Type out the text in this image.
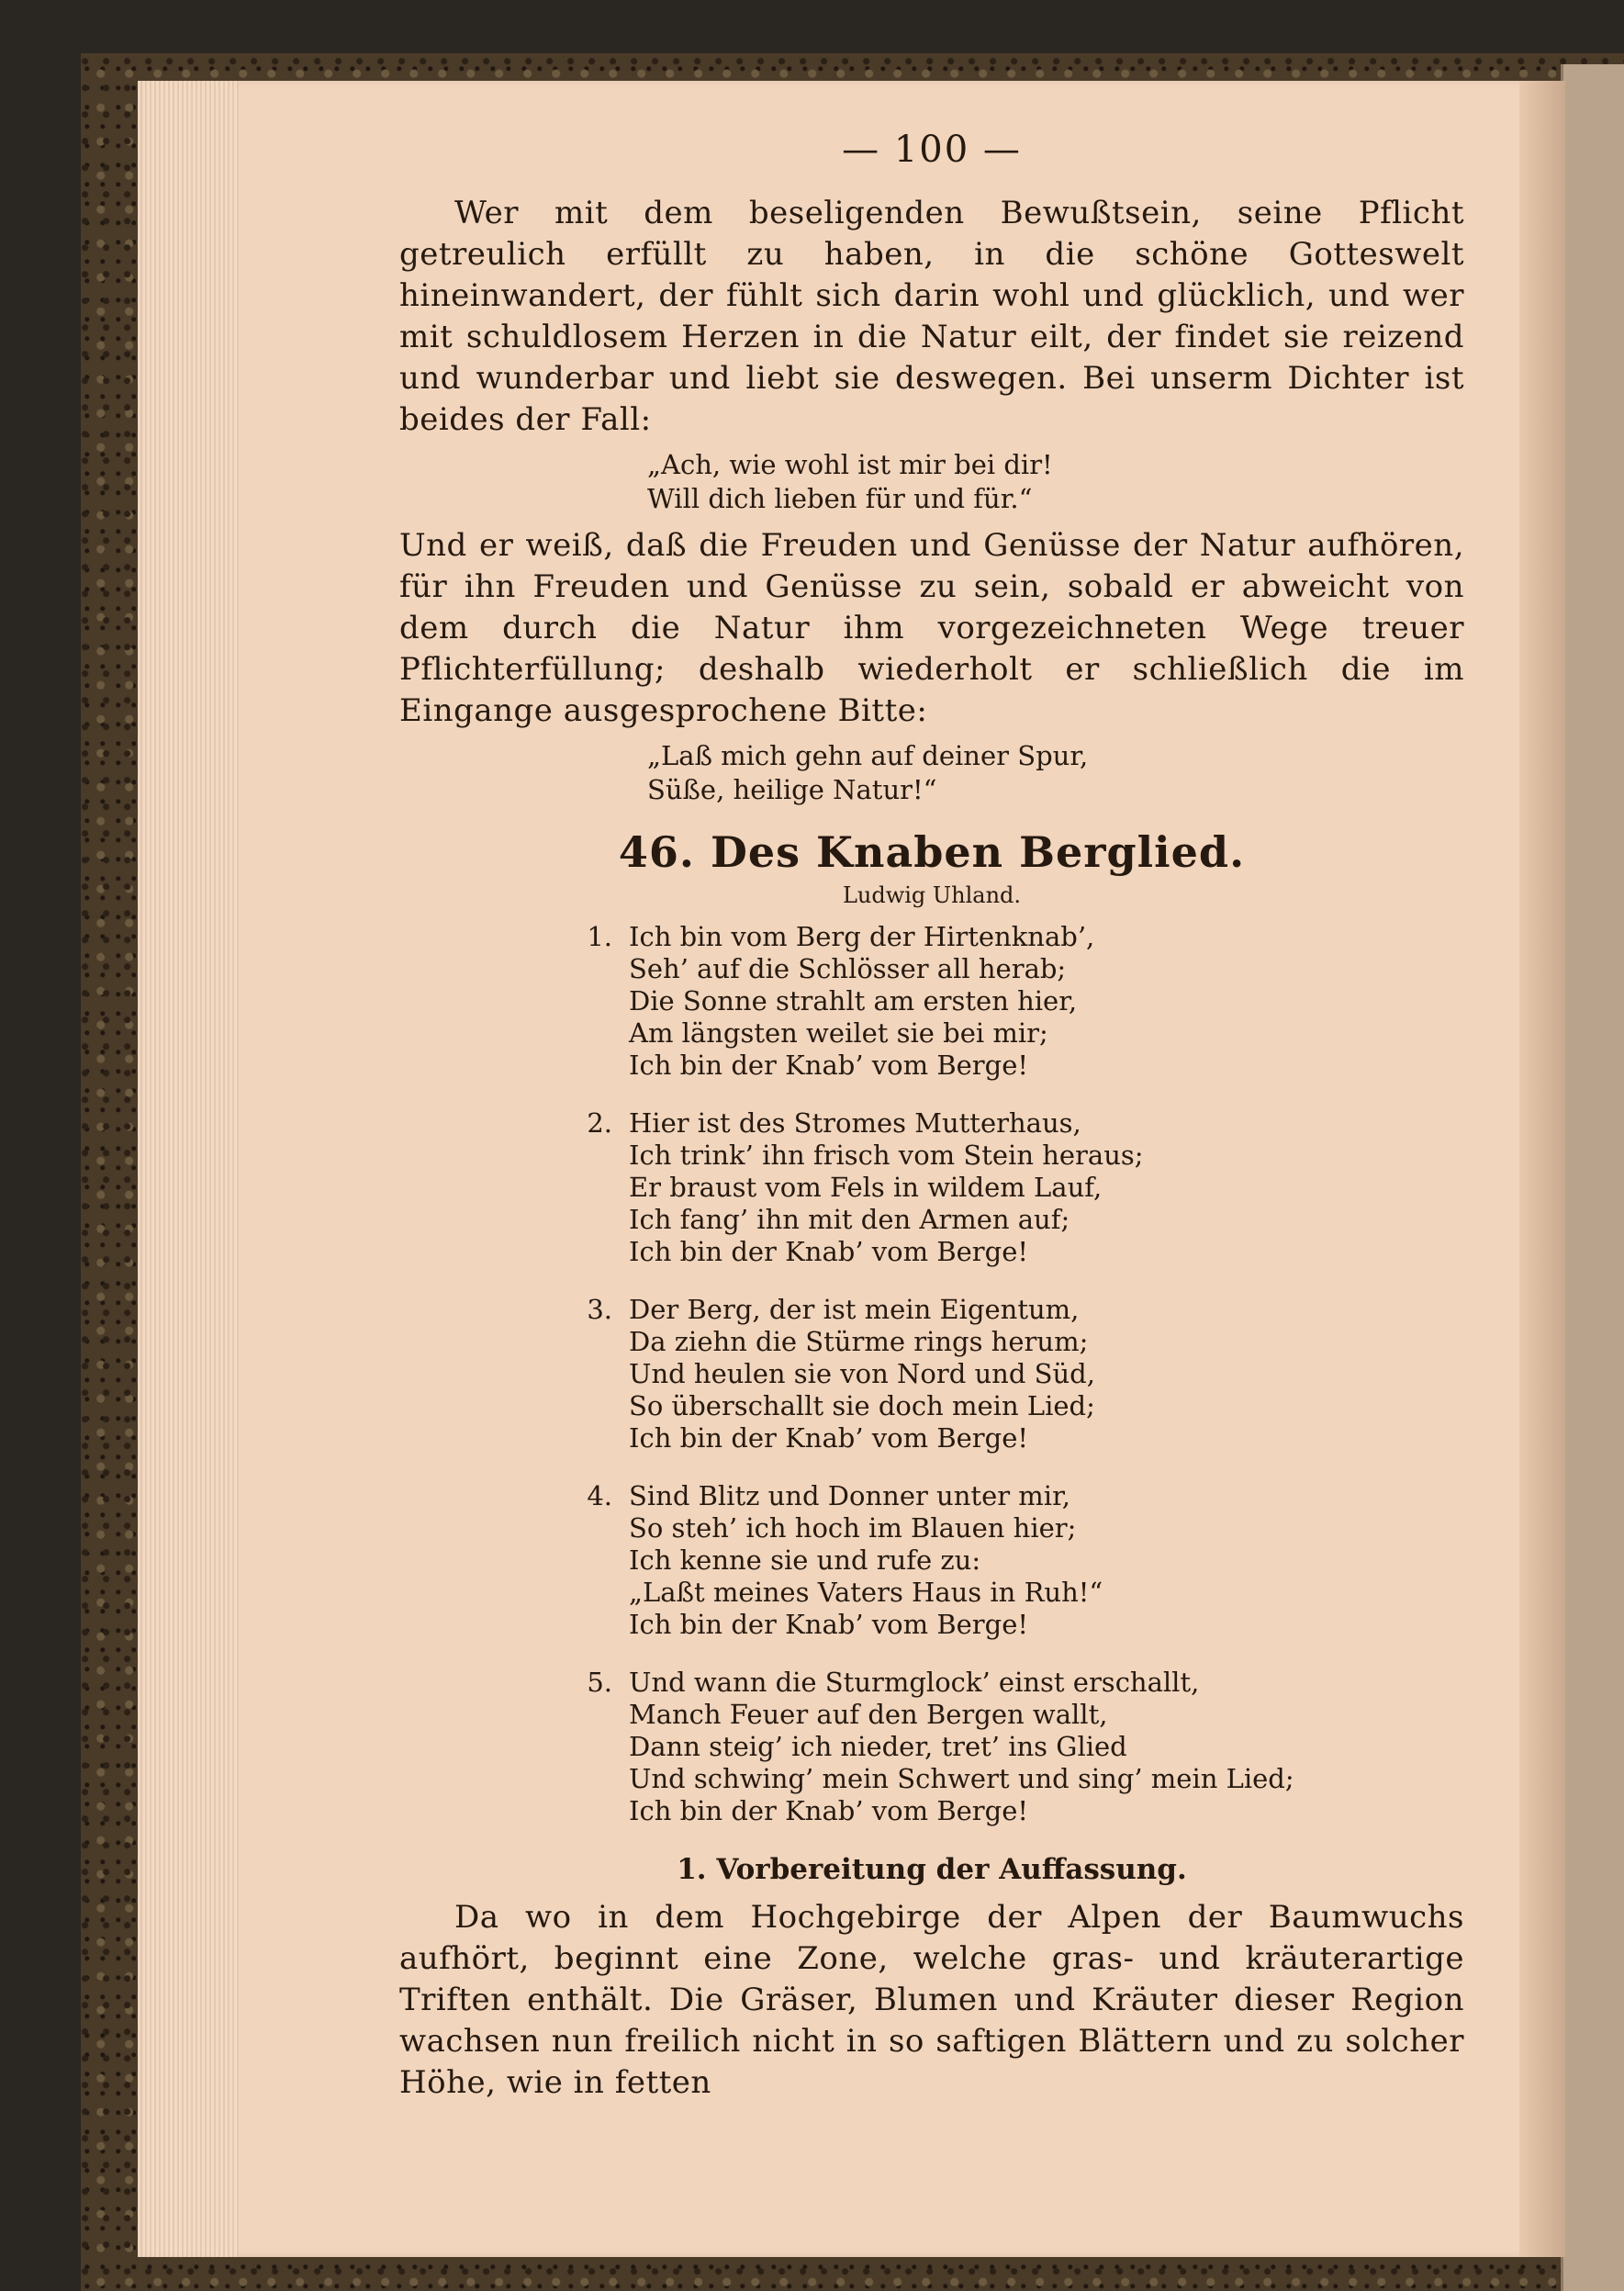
— 100 —

Wer mit dem beseligenden Bewußtsein, seine Pflicht getreulich erfüllt zu haben, in die schöne Gotteswelt hineinwandert, der fühlt sich darin wohl und glücklich, und wer mit schuldlosem Herzen in die Natur eilt, der findet sie reizend und wunderbar und liebt sie deswegen. Bei unserm Dichter ist beides der Fall:

„Ach, wie wohl ist mir bei dir!
Will dich lieben für und für.“

Und er weiß, daß die Freuden und Genüsse der Natur aufhören, für ihn Freuden und Genüsse zu sein, sobald er abweicht von dem durch die Natur ihm vorgezeichneten Wege treuer Pflichterfüllung; deshalb wiederholt er schließlich die im Eingange ausgesprochene Bitte:

„Laß mich gehn auf deiner Spur,
Süße, heilige Natur!“
46. Des Knaben Berglied.
Ludwig Uhland.
1. Ich bin vom Berg der Hirtenknab’,
Seh’ auf die Schlösser all herab;
Die Sonne strahlt am ersten hier,
Am längsten weilet sie bei mir;
Ich bin der Knab’ vom Berge!
2. Hier ist des Stromes Mutterhaus,
Ich trink’ ihn frisch vom Stein heraus;
Er braust vom Fels in wildem Lauf,
Ich fang’ ihn mit den Armen auf;
Ich bin der Knab’ vom Berge!
3. Der Berg, der ist mein Eigentum,
Da ziehn die Stürme rings herum;
Und heulen sie von Nord und Süd,
So überschallt sie doch mein Lied;
Ich bin der Knab’ vom Berge!
4. Sind Blitz und Donner unter mir,
So steh’ ich hoch im Blauen hier;
Ich kenne sie und rufe zu:
„Laßt meines Vaters Haus in Ruh!“
Ich bin der Knab’ vom Berge!
5. Und wann die Sturmglock’ einst erschallt,
Manch Feuer auf den Bergen wallt,
Dann steig’ ich nieder, tret’ ins Glied
Und schwing’ mein Schwert und sing’ mein Lied;
Ich bin der Knab’ vom Berge!
1. Vorbereitung der Auffassung.

Da wo in dem Hochgebirge der Alpen der Baumwuchs aufhört, beginnt eine Zone, welche gras- und kräuterartige Triften enthält. Die Gräser, Blumen und Kräuter dieser Region wachsen nun freilich nicht in so saftigen Blättern und zu solcher Höhe, wie in fetten
